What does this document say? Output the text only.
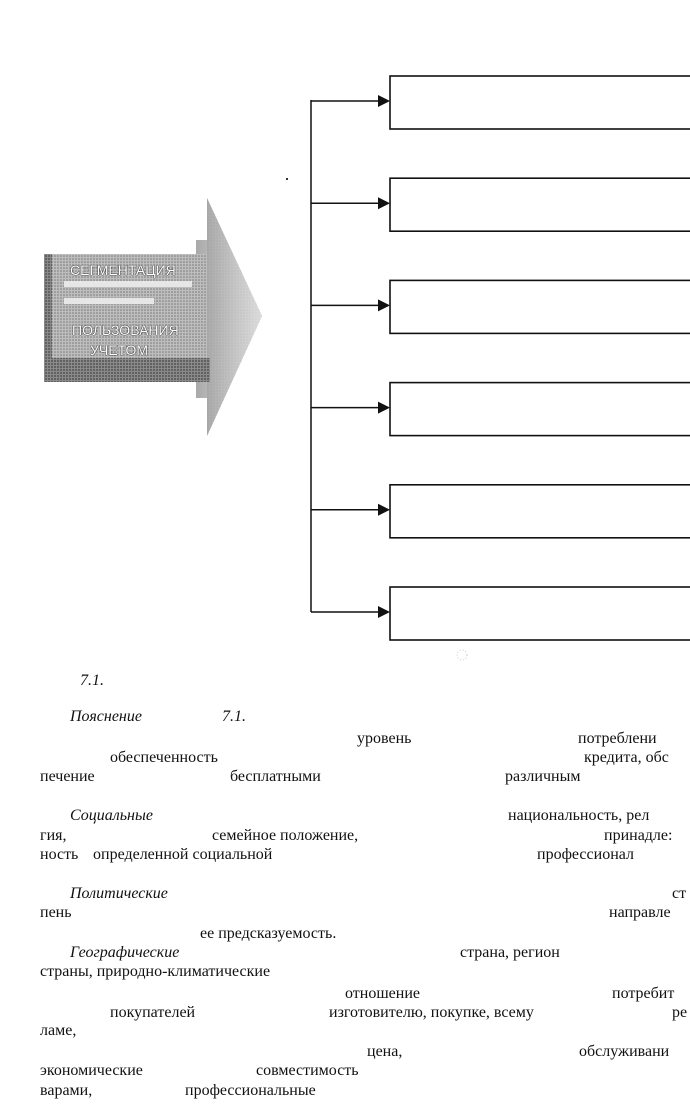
СЕГМЕНТАЦИЯ
ПОЛЬЗОВАНИЯ
УЧЕТОМ
7.1.
Пояснение	7.1.
уровень	потреблени
обеспеченность	кредита, обс
печение	бесплатными	различным
Социальные	национальность, рел
гия,	семейное положение,	принадле:
ность определенной социальной	профессионал
Политические	ст
пень	направле
ее предсказуемость.
Географические	страна, регион
страны, природно-климатические
отношение	потребит
покупателей	изготовителю, покупке, всему	ре
ламе,
цена,	обслуживани
экономические	совместимость
варами,	профессиональные
